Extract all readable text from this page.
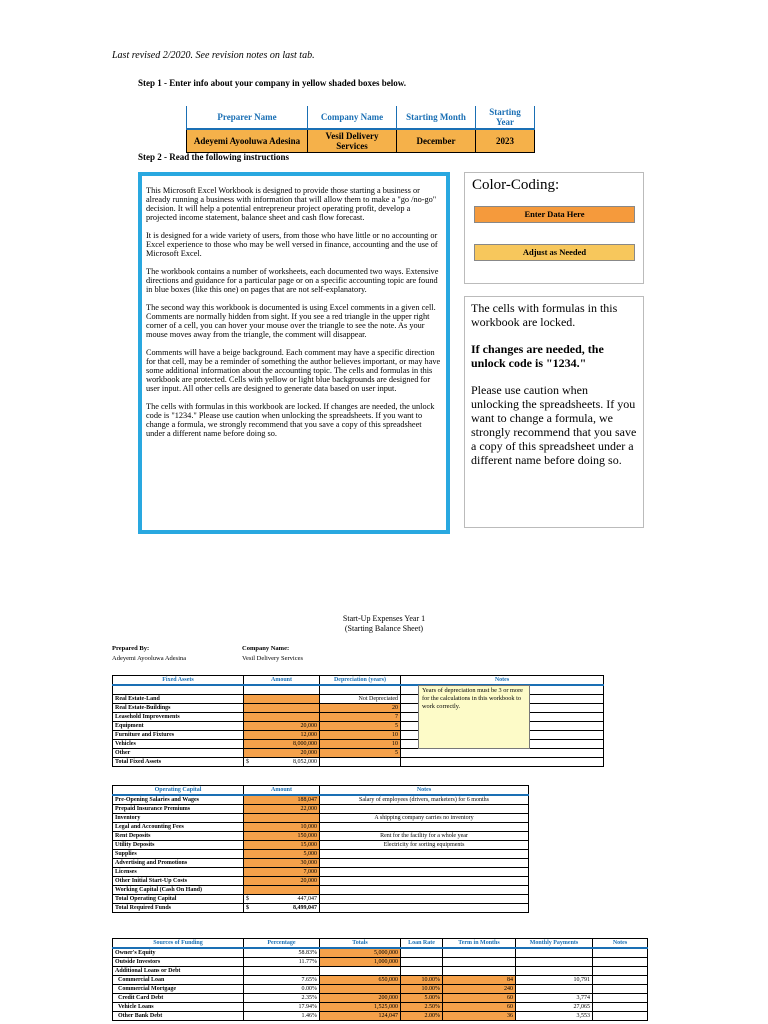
Last revised 2/2020. See revision notes on last tab.
Step 1 - Enter info about your company in yellow shaded boxes below.
Preparer Name	Company Name	Starting Month	Starting Year
Adeyemi Ayooluwa Adesina	Vesil Delivery Services	December	2023
Step 2 - Read the following instructions

This Microsoft Excel Workbook is designed to provide those starting a business or already running a business with information that will allow them to make a "go /no-go" decision. It will help a potential entrepreneur project operating profit, develop a projected income statement, balance sheet and cash flow forecast.

It is designed for a wide variety of users, from those who have little or no accounting or Excel experience to those who may be well versed in finance, accounting and the use of Microsoft Excel.

The workbook contains a number of worksheets, each documented two ways. Extensive directions and guidance for a particular page or on a specific accounting topic are found in blue boxes (like this one) on pages that are not self-explanatory.

The second way this workbook is documented is using Excel comments in a given cell. Comments are normally hidden from sight. If you see a red triangle in the upper right corner of a cell, you can hover your mouse over the triangle to see the note. As your mouse moves away from the triangle, the comment will disappear.

Comments will have a beige background. Each comment may have a specific direction for that cell, may be a reminder of something the author believes important, or may have some additional information about the accounting topic. The cells and formulas in this workbook are protected. Cells with yellow or light blue backgrounds are designed for user input. All other cells are designed to generate data based on user input.

The cells with formulas in this workbook are locked. If changes are needed, the unlock code is "1234." Please use caution when unlocking the spreadsheets. If you want to change a formula, we strongly recommend that you save a copy of this spreadsheet under a different name before doing so.

Color-Coding:
Enter Data Here
Adjust as Needed

The cells with formulas in this workbook are locked.

If changes are needed, the unlock code is "1234."

Please use caution when unlocking the spreadsheets. If you want to change a formula, we strongly recommend that you save a copy of this spreadsheet under a different name before doing so.

Start-Up Expenses Year 1
(Starting Balance Sheet)
Prepared By:
Adeyemi Ayooluwa Adesina
Company Name:
Vesil Delivery Services
Fixed Assets	Amount	Depreciation (years)	Notes

Real Estate-Land		Not Depreciated	
Real Estate-Buildings		20	
Leasehold Improvements		7	
Equipment	20,000	5	
Furniture and Fixtures	12,000	10	
Vehicles	8,000,000	10	
Other	20,000	5	
Total Fixed Assets	$ 8,052,000		
Years of depreciation must be 3 or more for the calculations in this workbook to work correctly.
Operating Capital	Amount	Notes
Pre-Opening Salaries and Wages	188,047	Salary of employees (drivers, marketers) for 6 months
Prepaid Insurance Premiums	22,000	
Inventory		A shipping company carries no inventory
Legal and Accounting Fees	10,000	
Rent Deposits	150,000	Rent for the facility for a whole year
Utility Deposits	15,000	Electricity for sorting equipments
Supplies	5,000	
Advertising and Promotions	30,000	
Licenses	7,000	
Other Initial Start-Up Costs	20,000	
Working Capital (Cash On Hand)		
Total Operating Capital	$ 447,047	
Total Required Funds	$ 8,499,047	
Sources of Funding	Percentage	Totals	Loan Rate	Term in Months	Monthly Payments	Notes
Owner's Equity	58.83%	5,000,000				
Outside Investors	11.77%	1,000,000				
Additional Loans or Debt						
Commercial Loan	7.65%	650,000	10.00%	84	10,791	
Commercial Mortgage	0.00%		10.00%	240		
Credit Card Debt	2.35%	200,000	5.00%	60	3,774	
Vehicle Loans	17.94%	1,525,000	2.50%	60	27,065	
Other Bank Debt	1.46%	124,047	2.00%	36	3,553	
